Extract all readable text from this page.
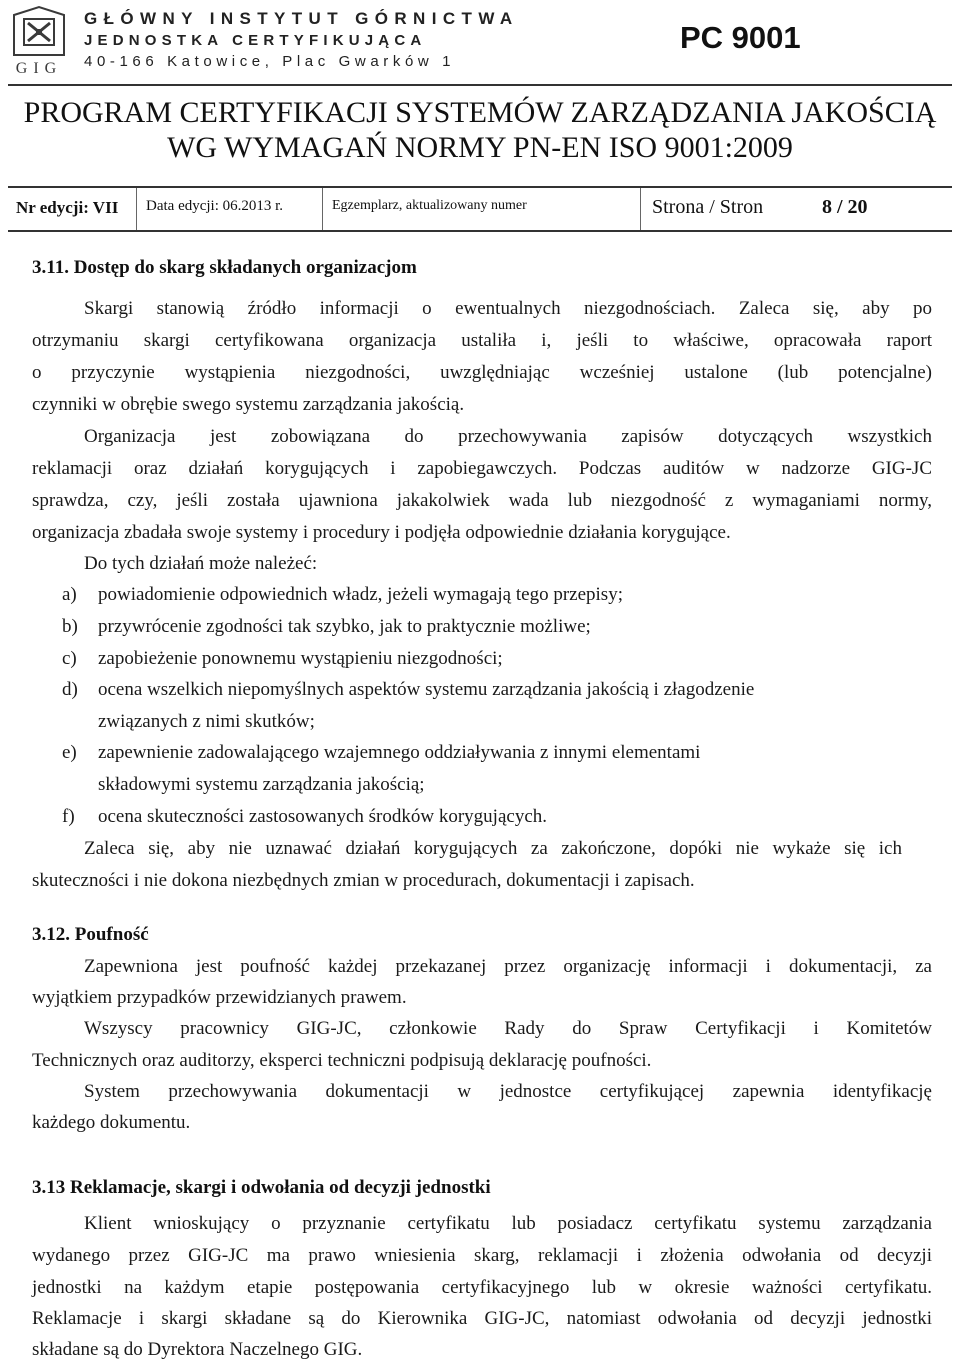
GIG
GŁÓWNY INSTYTUT GÓRNICTWA
JEDNOSTKA CERTYFIKUJĄCA
40-166 Katowice, Plac Gwarków 1
PC 9001
PROGRAM CERTYFIKACJI SYSTEMÓW ZARZĄDZANIA JAKOŚCIĄ
WG WYMAGAŃ NORMY PN-EN ISO 9001:2009
Nr edycji: VII Data edycji: 06.2013 r.	Egzemplarz, aktualizowany numer	Strona / Stron	8 / 20
3.11. Dostęp do skarg składanych organizacjom
Skargi stanowią źródło informacji o ewentualnych niezgodnościach. Zaleca się, aby po
otrzymaniu skargi certyfikowana organizacja ustaliła i, jeśli to właściwe, opracowała raport
o przyczynie wystąpienia niezgodności, uwzględniając wcześniej ustalone (lub potencjalne)
czynniki w obrębie swego systemu zarządzania jakością.
Organizacja jest zobowiązana do przechowywania zapisów dotyczących wszystkich
reklamacji oraz działań korygujących i zapobiegawczych. Podczas auditów w nadzorze GIG-JC
sprawdza, czy, jeśli została ujawniona jakakolwiek wada lub niezgodność z wymaganiami normy,
organizacja zbadała swoje systemy i procedury i podjęła odpowiednie działania korygujące.
Do tych działań może należeć:
a) powiadomienie odpowiednich władz, jeżeli wymagają tego przepisy;
b) przywrócenie zgodności tak szybko, jak to praktycznie możliwe;
c) zapobieżenie ponownemu wystąpieniu niezgodności;
d) ocena wszelkich niepomyślnych aspektów systemu zarządzania jakością i złagodzenie
związanych z nimi skutków;
e) zapewnienie zadowalającego wzajemnego oddziaływania z innymi elementami
składowymi systemu zarządzania jakością;
f) ocena skuteczności zastosowanych środków korygujących.
Zaleca się, aby nie uznawać działań korygujących za zakończone, dopóki nie wykaże się ich
skuteczności i nie dokona niezbędnych zmian w procedurach, dokumentacji i zapisach.
3.12. Poufność
Zapewniona jest poufność każdej przekazanej przez organizację informacji i dokumentacji, za
wyjątkiem przypadków przewidzianych prawem.
Wszyscy pracownicy GIG-JC, członkowie Rady do Spraw Certyfikacji i Komitetów
Technicznych oraz auditorzy, eksperci techniczni podpisują deklarację poufności.
System przechowywania dokumentacji w jednostce certyfikującej zapewnia identyfikację
każdego dokumentu.
3.13 Reklamacje, skargi i odwołania od decyzji jednostki
Klient wnioskujący o przyznanie certyfikatu lub posiadacz certyfikatu systemu zarządzania
wydanego przez GIG-JC ma prawo wniesienia skarg, reklamacji i złożenia odwołania od decyzji
jednostki na każdym etapie postępowania certyfikacyjnego lub w okresie ważności certyfikatu.
Reklamacje i skargi składane są do Kierownika GIG-JC, natomiast odwołania od decyzji jednostki
składane są do Dyrektora Naczelnego GIG.
